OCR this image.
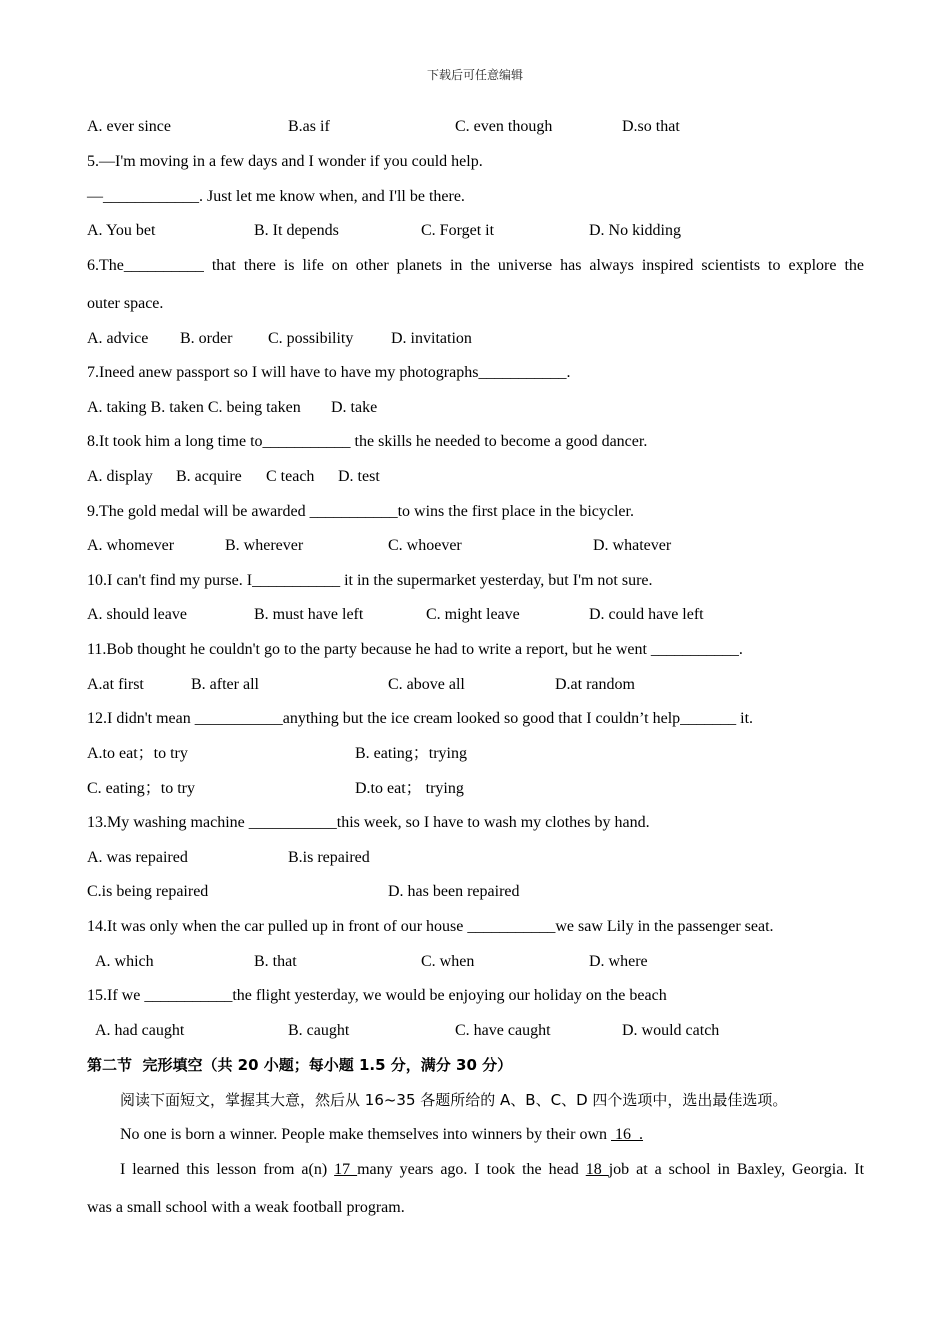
下载后可任意编辑
A. ever since	B.as if	C. even though	D.so that
5.—I'm moving in a few days and I wonder if you could help.
—____________. Just let me know when, and I'll be there.
A. You bet	B. It depends	C. Forget it	D. No kidding
6.The__________ that there is life on other planets in the universe has always inspired scientists to explore the
outer space.
A. advice B. order C. possibility D. invitation
7.Ineed anew passport so I will have to have my photographs___________.
A. taking B. taken C. being taken D. take
8.It took him a long time to___________ the skills he needed to become a good dancer.
A. display B. acquire C teach D. test
9.The gold medal will be awarded ___________to wins the first place in the bicycler.
A. whomever	B. wherever	C. whoever	D. whatever
10.I can't find my purse. I___________ it in the supermarket yesterday, but I'm not sure.
A. should leave	B. must have left	C. might leave	D. could have left
11.Bob thought he couldn't go to the party because he had to write a report, but he went ___________.
A.at first	B. after all	C. above all	D.at random
12.I didn't mean ___________anything but the ice cream looked so good that I couldn’t help_______ it.
A.to eat；to try	B. eating；trying
C. eating；to try	D.to eat； trying
13.My washing machine ___________this week, so I have to wash my clothes by hand.
A. was repaired	B.is repaired
C.is being repaired	D. has been repaired
14.It was only when the car pulled up in front of our house ___________we saw Lily in the passenger seat.
A. which	B. that	C. when	D. where
15.If we ___________the flight yesterday, we would be enjoying our holiday on the beach
A. had caught	B. caught	C. have caught	D. would catch
第二节  完形填空（共 20 小题；每小题 1.5 分，满分 30 分）
阅读下面短文，掌握其大意，然后从 16~35 各题所给的 A、B、C、D 四个选项中，选出最佳选项。
No one is born a winner. People make themselves into winners by their own  16  .
I learned this lesson from a(n) 17 many years ago. I took the head 18 job at a school in Baxley, Georgia. It
was a small school with a weak football program.
